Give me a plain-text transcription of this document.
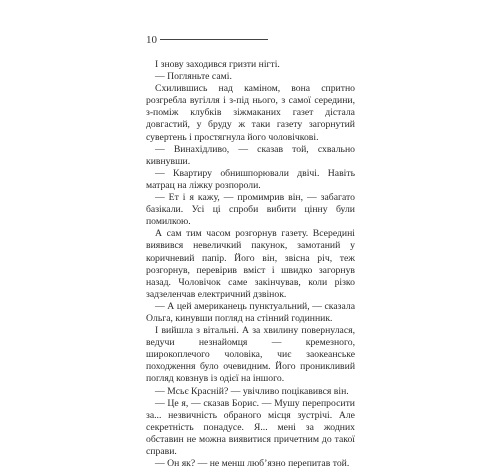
10

І знову заходився гризти нігті.

— Погляньте самі.

Схилившись над каміном, вона спритно розгребла вугілля і з-під нього, з самої середини, з-поміж клубків зіжмаканих газет дістала довгастий, у бруду ж таки газету загорнутий сувертень і простягнула його чоловічкові.

— Винахідливо, — сказав той, схвально кивнувши.

— Квартиру обнишпорювали двічі. Навіть матрац на ліжку розпороли.

— Ет і я кажу, — промимрив він, — забагато базікали. Усі ці спроби вибити цінну були помилкою.

А сам тим часом розгорнув газету. Всередині виявився невеличкий пакунок, замотаний у коричневий папір. Його він, звісна річ, теж розгорнув, перевірив вміст і швидко загорнув назад. Чоловічок саме закінчував, коли різко задзеленчав електричний дзвінок.

— А цей американець пунктуальний, — сказала Ольга, кинувши погляд на стінний годинник.

І вийшла з вітальні. А за хвилину повернулася, ведучи незнайомця — кремезного, широкоплечого чоловіка, чиє заокеанське походження було очевидним. Його проникливий погляд ковзнув із одієї на іншого.

— Мсьє Красній? — увічливо поцікавився він.

— Це я, — сказав Борис. — Мушу перепросити за... незвичність обраного місця зустрічі. Але секретність понадусе. Я... мені за жодних обставин не можна виявитися причетним до такої справи.

— Он як? — не менш люб’язно перепитав той.
